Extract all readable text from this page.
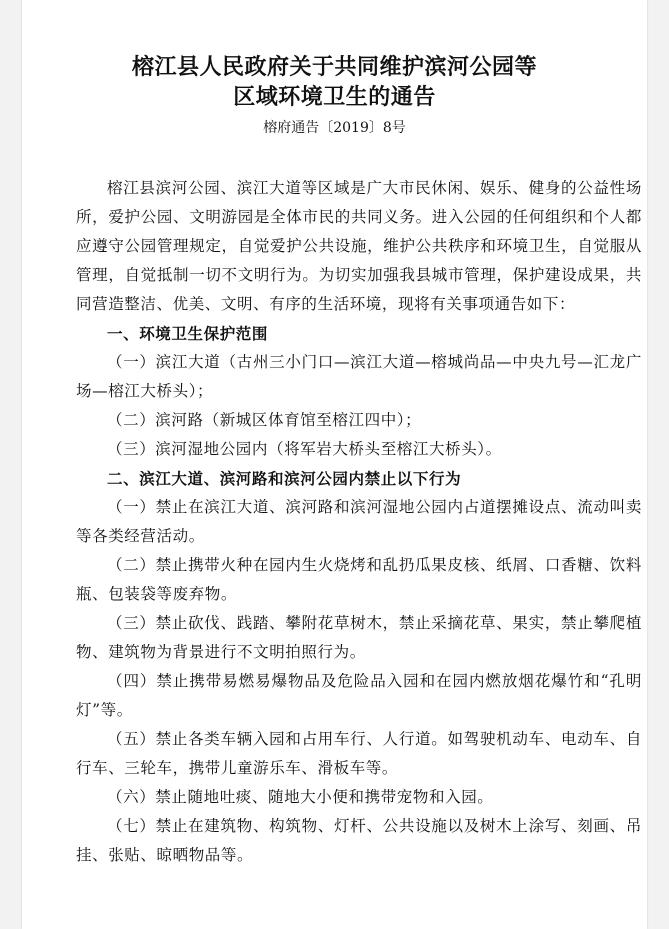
榕江县人民政府关于共同维护滨河公园等
区域环境卫生的通告
榕府通告〔2019〕8号

榕江县滨河公园、滨江大道等区域是广大市民休闲、娱乐、健身的公益性场所，爱护公园、文明游园是全体市民的共同义务。进入公园的任何组织和个人都应遵守公园管理规定，自觉爱护公共设施，维护公共秩序和环境卫生，自觉服从管理，自觉抵制一切不文明行为。为切实加强我县城市管理，保护建设成果，共同营造整洁、优美、文明、有序的生活环境，现将有关事项通告如下：

一、环境卫生保护范围

（一）滨江大道（古州三小门口—滨江大道—榕城尚品—中央九号—汇龙广场—榕江大桥头）；

（二）滨河路（新城区体育馆至榕江四中）；

（三）滨河湿地公园内（将军岩大桥头至榕江大桥头）。

二、滨江大道、滨河路和滨河公园内禁止以下行为

（一）禁止在滨江大道、滨河路和滨河湿地公园内占道摆摊设点、流动叫卖等各类经营活动。

（二）禁止携带火种在园内生火烧烤和乱扔瓜果皮核、纸屑、口香糖、饮料瓶、包装袋等废弃物。

（三）禁止砍伐、践踏、攀附花草树木，禁止采摘花草、果实，禁止攀爬植物、建筑物为背景进行不文明拍照行为。

（四）禁止携带易燃易爆物品及危险品入园和在园内燃放烟花爆竹和“孔明灯”等。

（五）禁止各类车辆入园和占用车行、人行道。如驾驶机动车、电动车、自行车、三轮车，携带儿童游乐车、滑板车等。

（六）禁止随地吐痰、随地大小便和携带宠物和入园。

（七）禁止在建筑物、构筑物、灯杆、公共设施以及树木上涂写、刻画、吊挂、张贴、晾晒物品等。
